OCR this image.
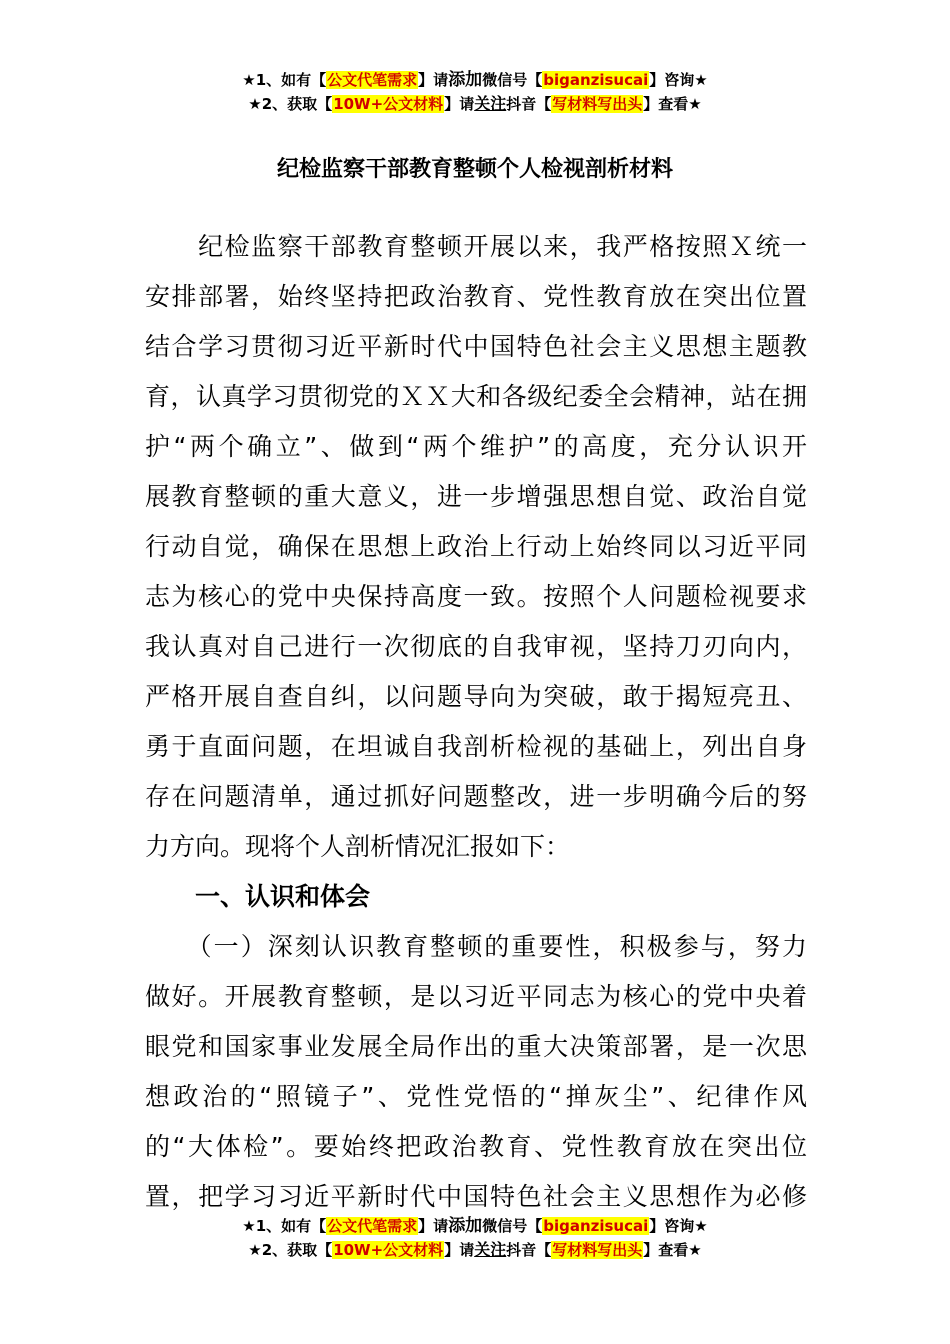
★1、如有【公文代笔需求】请添加微信号【biganzisucai】咨询★
★2、获取【10W+公文材料】请关注抖音【写材料写出头】查看★
纪检监察干部教育整顿个人检视剖析材料
　　纪检监察干部教育整顿开展以来，我严格按照Ｘ统一
安排部署，始终坚持把政治教育、党性教育放在突出位置
结合学习贯彻习近平新时代中国特色社会主义思想主题教
育，认真学习贯彻党的ＸＸ大和各级纪委全会精神，站在拥
护“两个确立”、做到“两个维护”的高度，充分认识开
展教育整顿的重大意义，进一步增强思想自觉、政治自觉
行动自觉，确保在思想上政治上行动上始终同以习近平同
志为核心的党中央保持高度一致。按照个人问题检视要求
我认真对自己进行一次彻底的自我审视，坚持刀刃向内，
严格开展自查自纠，以问题导向为突破，敢于揭短亮丑、
勇于直面问题，在坦诚自我剖析检视的基础上，列出自身
存在问题清单，通过抓好问题整改，进一步明确今后的努
力方向。现将个人剖析情况汇报如下：
一、认识和体会
　　（一）深刻认识教育整顿的重要性，积极参与，努力
做好。开展教育整顿，是以习近平同志为核心的党中央着
眼党和国家事业发展全局作出的重大决策部署，是一次思
想政治的“照镜子”、党性党悟的“掸灰尘”、纪律作风
的“大体检”。要始终把政治教育、党性教育放在突出位
置，把学习习近平新时代中国特色社会主义思想作为必修
★1、如有【公文代笔需求】请添加微信号【biganzisucai】咨询★
★2、获取【10W+公文材料】请关注抖音【写材料写出头】查看★
